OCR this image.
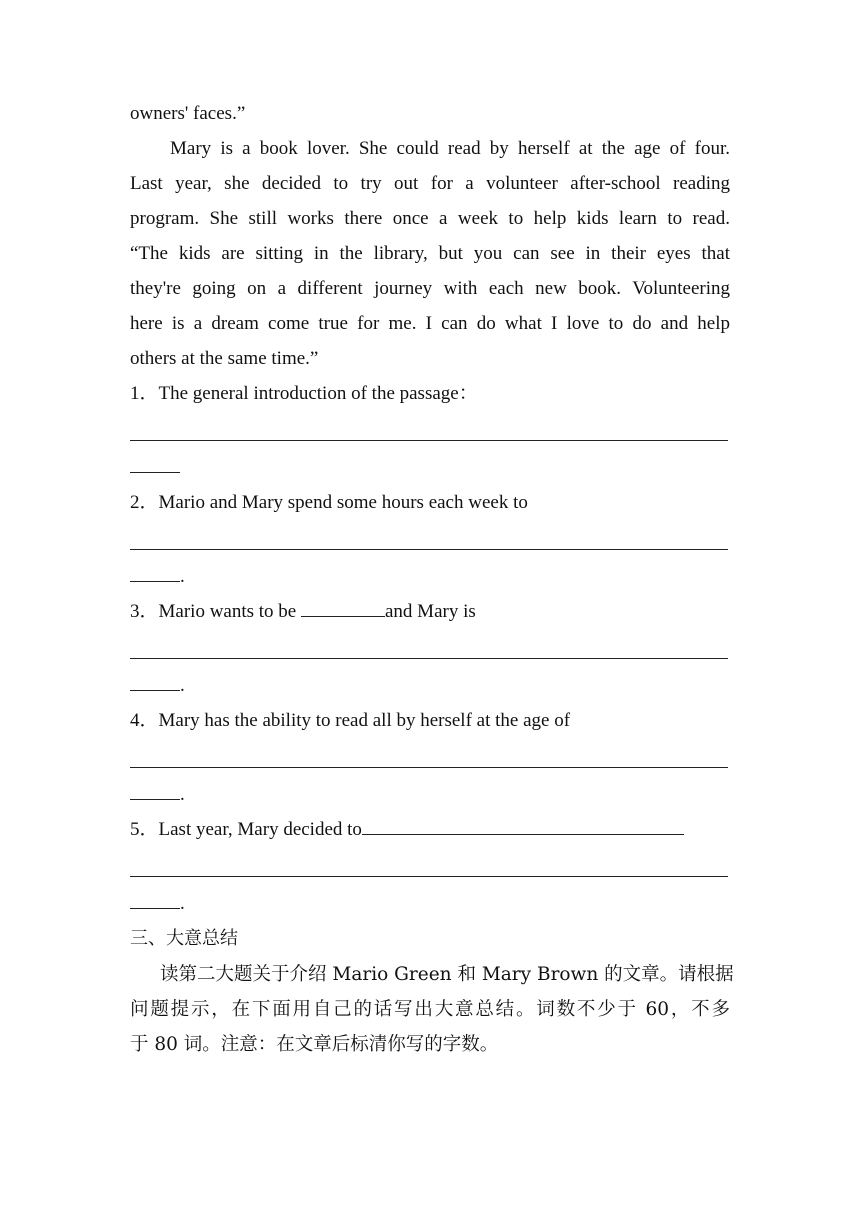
owners' faces.”

Mary is a book lover. She could read by herself at the age of four.
Last year, she decided to try out for a volunteer after-school reading
program. She still works there once a week to help kids learn to read.
“The kids are sitting in the library, but you can see in their eyes that
they're going on a different journey with each new book. Volunteering
here is a dream come true for me. I can do what I love to do and help
others at the same time.”

1．The general introduction of the passage：
2．Mario and Mary spend some hours each week to
.
3．Mario wants to be	and Mary is
.
4．Mary has the ability to read all by herself at the age of
.
5．Last year, Mary decided to
.
三、大意总结

读第二大题关于介绍 Mario Green 和 Mary Brown 的文章。请根据
问题提示，在下面用自己的话写出大意总结。词数不少于 60，不多
于 80 词。注意：在文章后标清你写的字数。
